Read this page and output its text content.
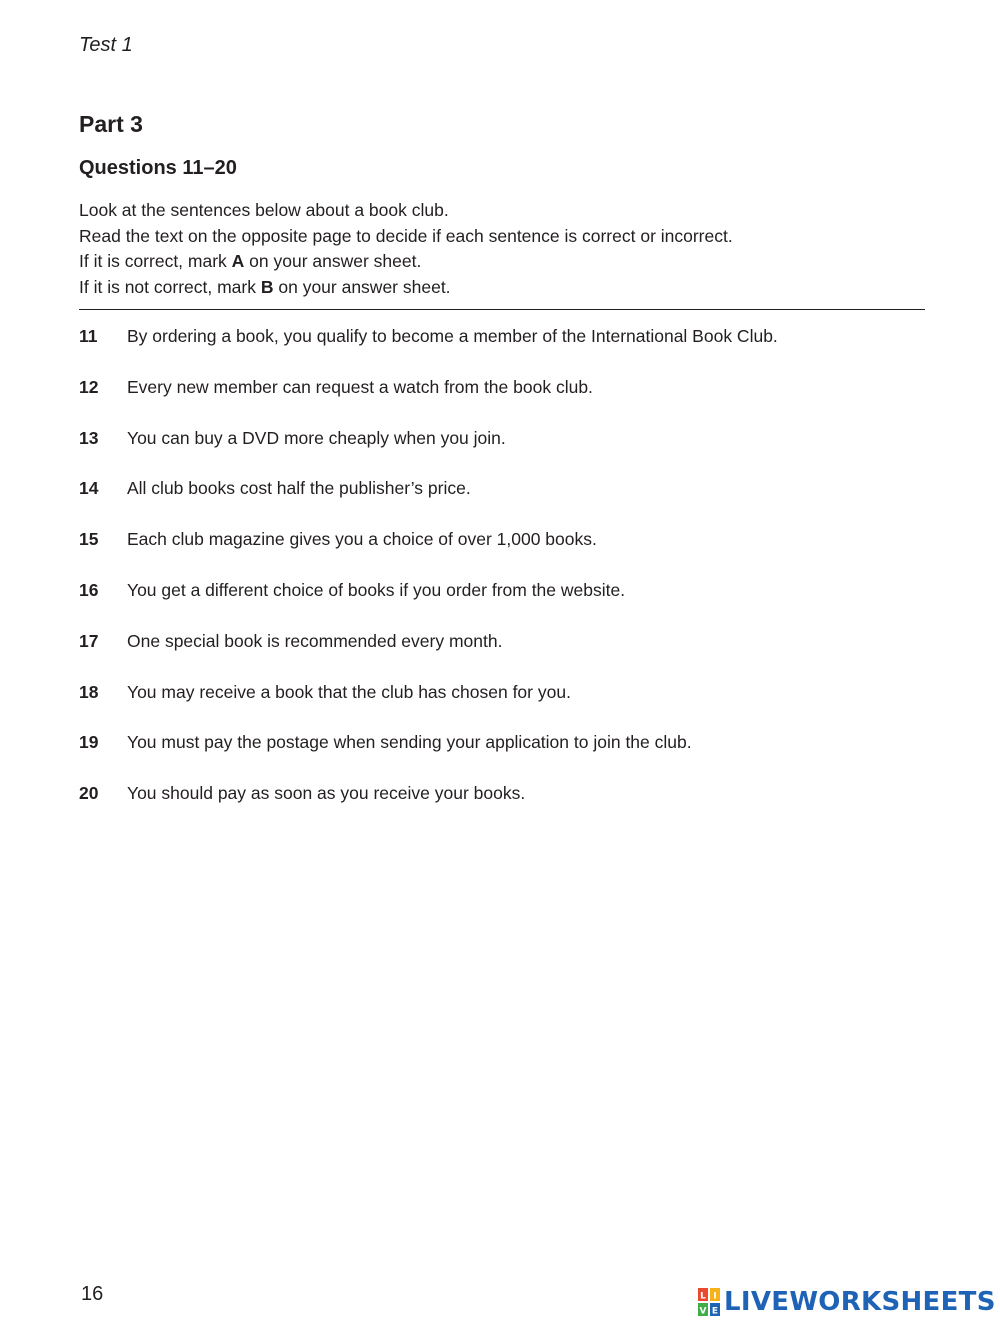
Test 1
Part 3
Questions 11–20
Look at the sentences below about a book club.
Read the text on the opposite page to decide if each sentence is correct or incorrect.
If it is correct, mark A on your answer sheet.
If it is not correct, mark B on your answer sheet.
11 By ordering a book, you qualify to become a member of the International Book Club.
12 Every new member can request a watch from the book club.
13 You can buy a DVD more cheaply when you join.
14 All club books cost half the publisher’s price.
15 Each club magazine gives you a choice of over 1,000 books.
16 You get a different choice of books if you order from the website.
17 One special book is recommended every month.
18 You may receive a book that the club has chosen for you.
19 You must pay the postage when sending your application to join the club.
20 You should pay as soon as you receive your books.
16	L I
V E LIVEWORKSHEETS
